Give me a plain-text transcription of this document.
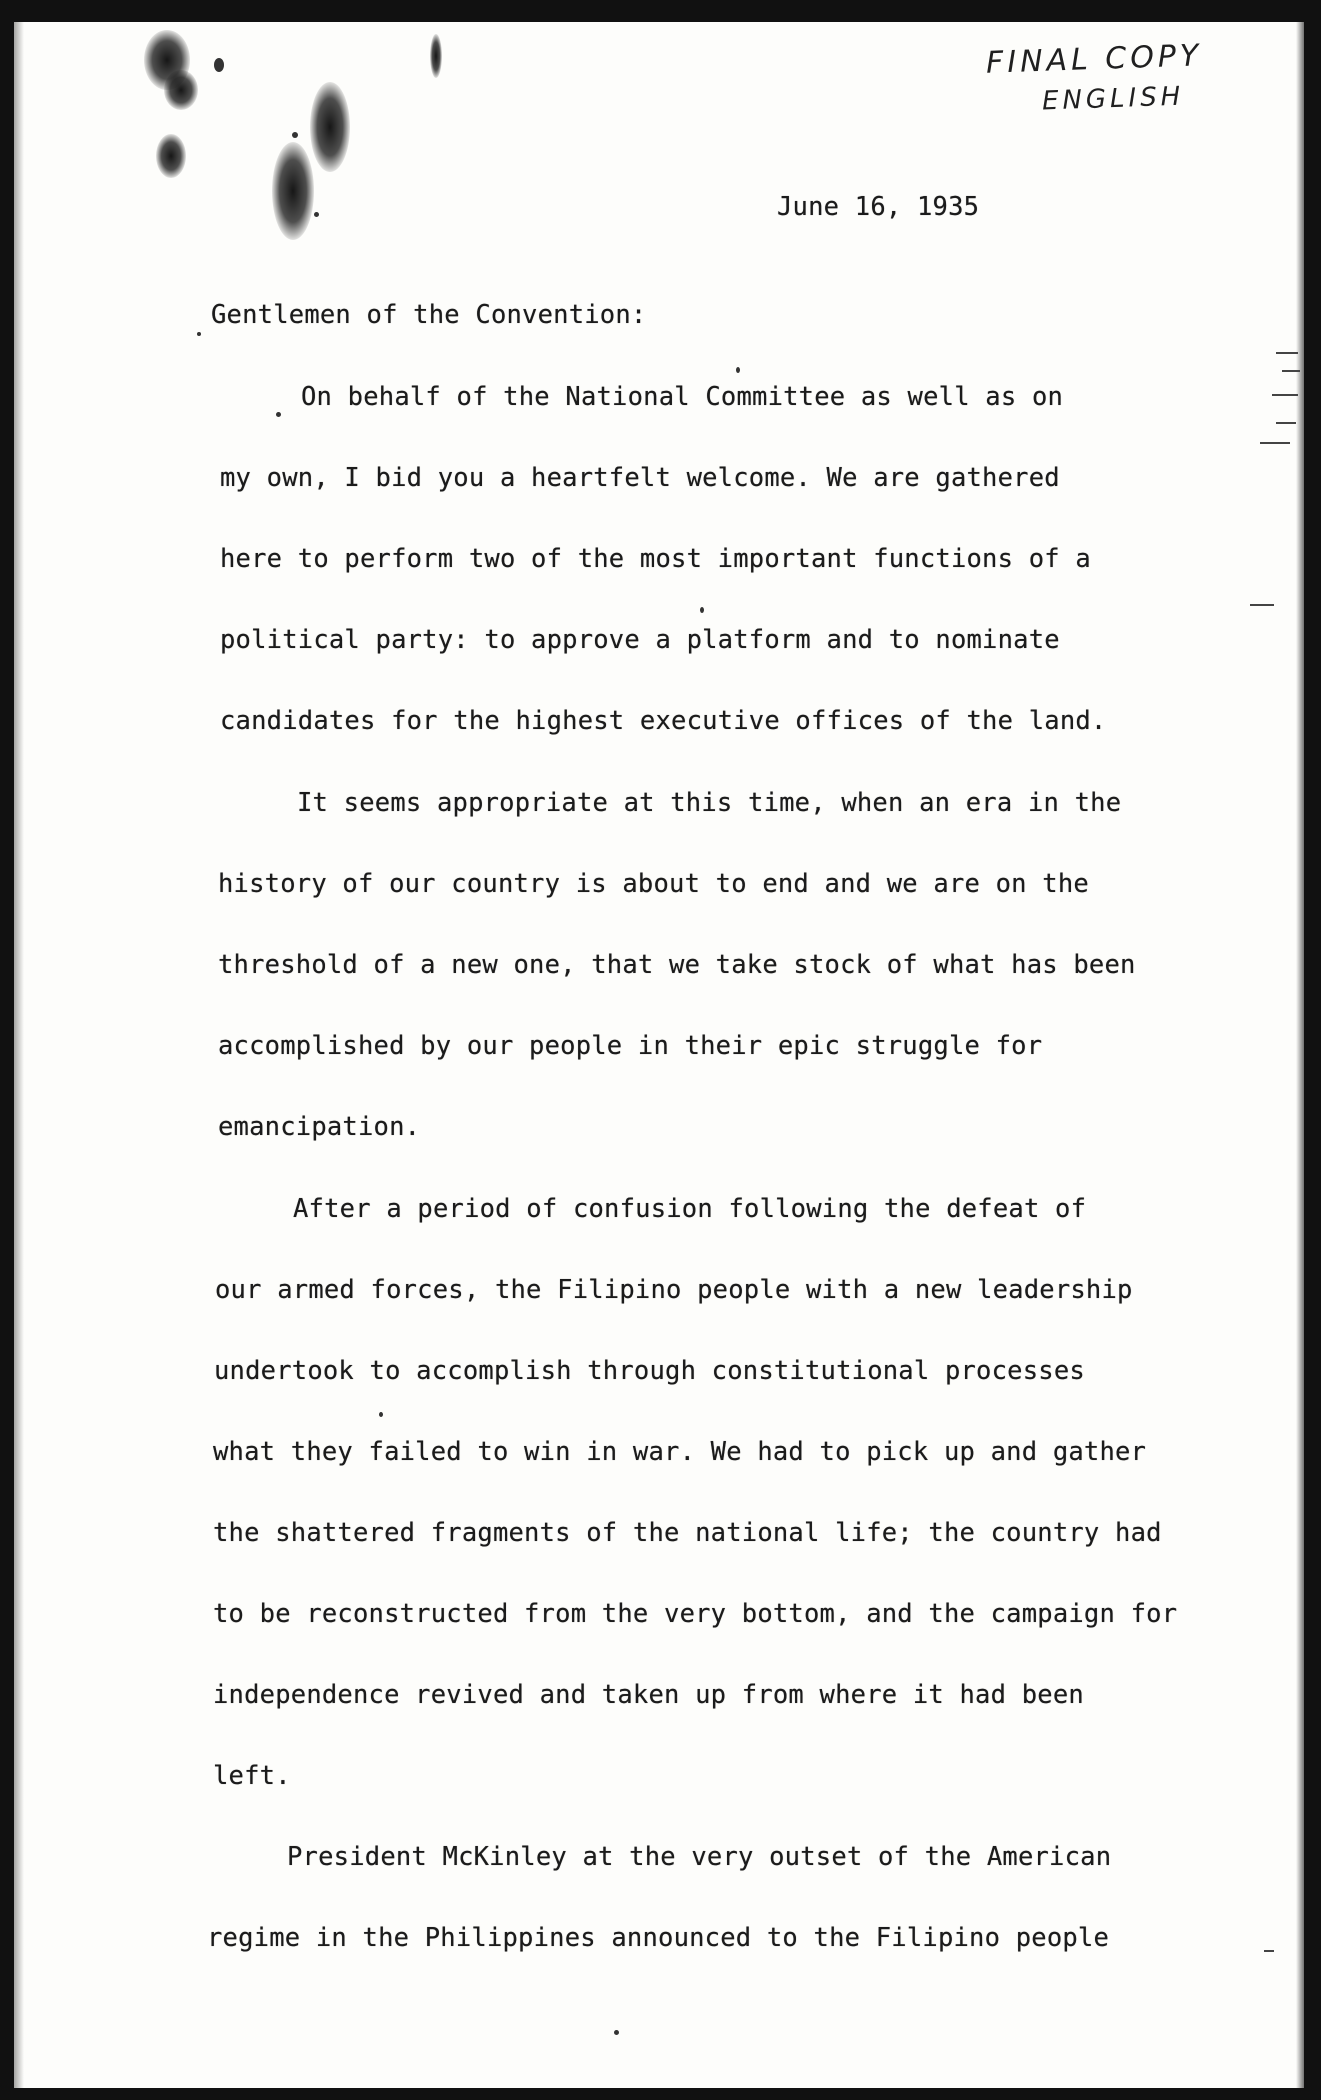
FINAL COPY
ENGLISH
June 16, 1935
Gentlemen of the Convention:
On behalf of the National Committee as well as on
my own, I bid you a heartfelt welcome. We are gathered
here to perform two of the most important functions of a
political party: to approve a platform and to nominate
candidates for the highest executive offices of the land.
It seems appropriate at this time, when an era in the
history of our country is about to end and we are on the
threshold of a new one, that we take stock of what has been
accomplished by our people in their epic struggle for
emancipation.
After a period of confusion following the defeat of
our armed forces, the Filipino people with a new leadership
undertook to accomplish through constitutional processes
what they failed to win in war. We had to pick up and gather
the shattered fragments of the national life; the country had
to be reconstructed from the very bottom, and the campaign for
independence revived and taken up from where it had been
left.
President McKinley at the very outset of the American
regime in the Philippines announced to the Filipino people
